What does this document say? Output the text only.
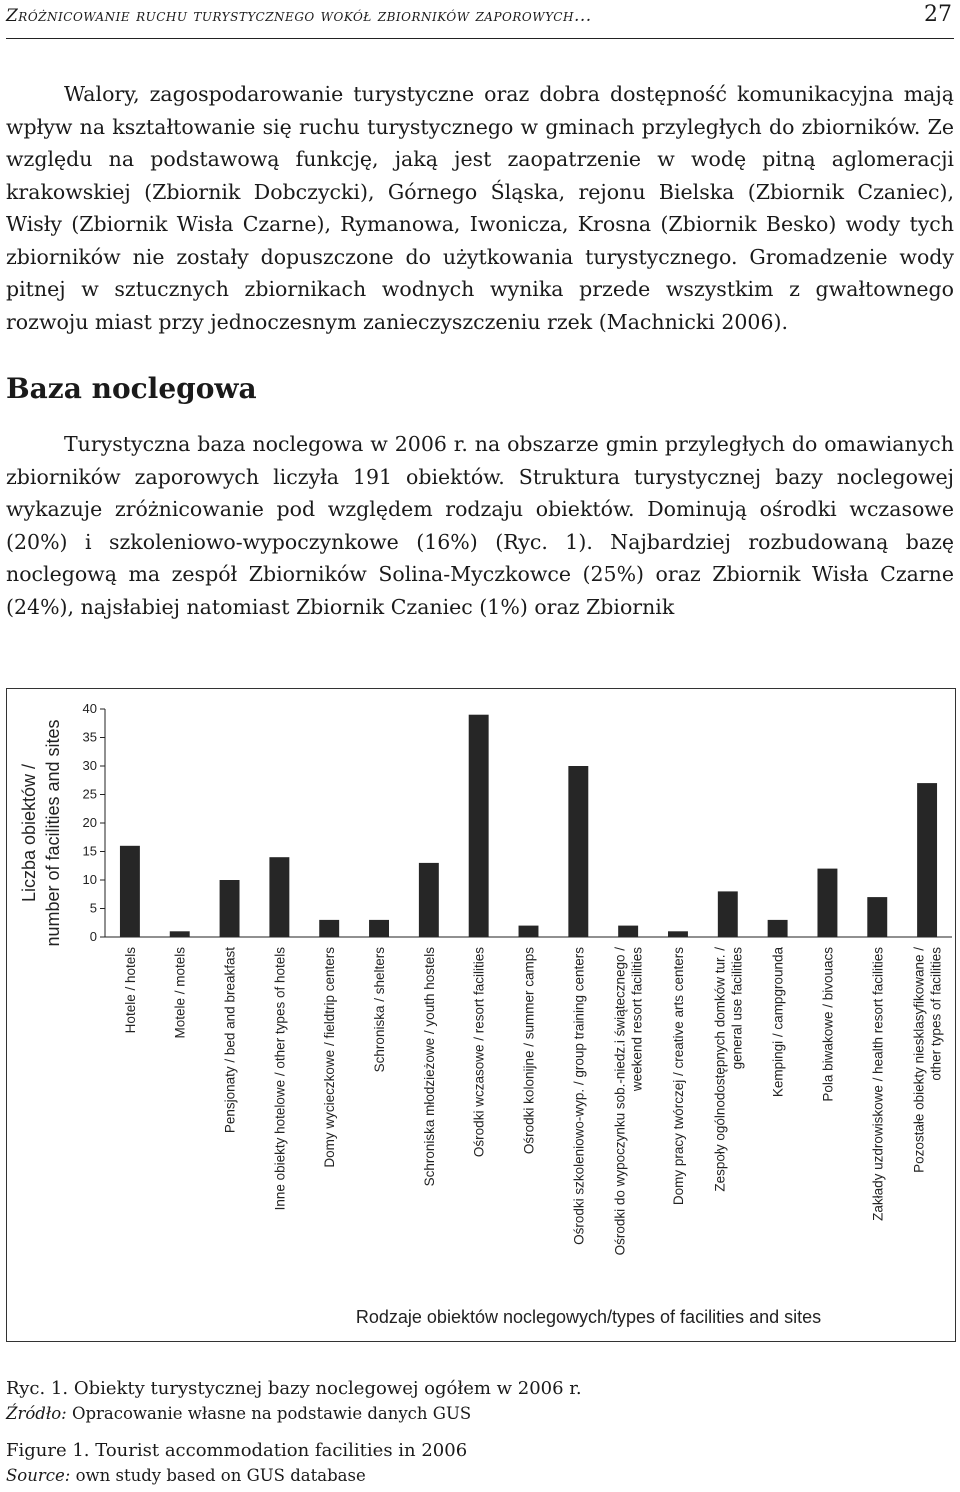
Zróżnicowanie ruchu turystycznego wokół zbiorników zaporowych...	27

Walory, zagospodarowanie turystyczne oraz dobra dostępność komunikacyjna mają wpływ na kształtowanie się ruchu turystycznego w gminach przyległych do zbiorników. Ze względu na podstawową funkcję, jaką jest zaopatrzenie w wodę pitną aglomeracji krakowskiej (Zbiornik Dobczycki), Górnego Śląska, rejonu Bielska (Zbiornik Czaniec), Wisły (Zbiornik Wisła Czarne), Rymanowa, Iwonicza, Krosna (Zbiornik Besko) wody tych zbiorników nie zostały dopuszczone do użytkowania turystycznego. Gromadzenie wody pitnej w sztucznych zbiornikach wodnych wynika przede wszystkim z gwałtownego rozwoju miast przy jednoczesnym zanieczyszczeniu rzek (Machnicki 2006).

Baza noclegowa

Turystyczna baza noclegowa w 2006 r. na obszarze gmin przyległych do omawianych zbiorników zaporowych liczyła 191 obiektów. Struktura turystycznej bazy noclegowej wykazuje zróżnicowanie pod względem rodzaju obiektów. Dominują ośrodki wczasowe (20%) i szkoleniowo-wypoczynkowe (16%) (Ryc. 1). Najbardziej rozbudowaną bazę noclegową ma zespół Zbiorników Solina-Myczkowce (25%) oraz Zbiornik Wisła Czarne (24%), najsłabiej natomiast Zbiornik Czaniec (1%) oraz Zbiornik

0
5
10
15
20
25
30
35
40
Liczba obiektów / number of facilities and sites
Hotele / hotels	Motele / motels	Pensjonaty / bed and breakfast	Inne obiekty hotelowe / other types of hotels	Domy wycieczkowe / fieldtrip centers	Schroniska / shelters	Schroniska młodzieżowe / youth hostels	Ośrodki wczasowe / resort facilities	Ośrodki kolonijne / summer camps	Ośrodki szkoleniowo-wyp. / group training centers Ośrodki do wypoczynku sob.-niedz.i świątecznego / weekend resort facilities Domy pracy twórczej / creative arts centers Zespoły ogólnodostępnych domków tur. / general use facilities Kempingi / campgrounda	Pola biwakowe / bivouacs	Zakłady uzdrowiskowe / health resort facilities Pozostałe obiekty niesklasyfikowane / other types of facilities
Rodzaje obiektów noclegowych/types of facilities and sites
Ryc. 1. Obiekty turystycznej bazy noclegowej ogółem w 2006 r.
Źródło: Opracowanie własne na podstawie danych GUS
Figure 1. Tourist accommodation facilities in 2006
Source: own study based on GUS database
